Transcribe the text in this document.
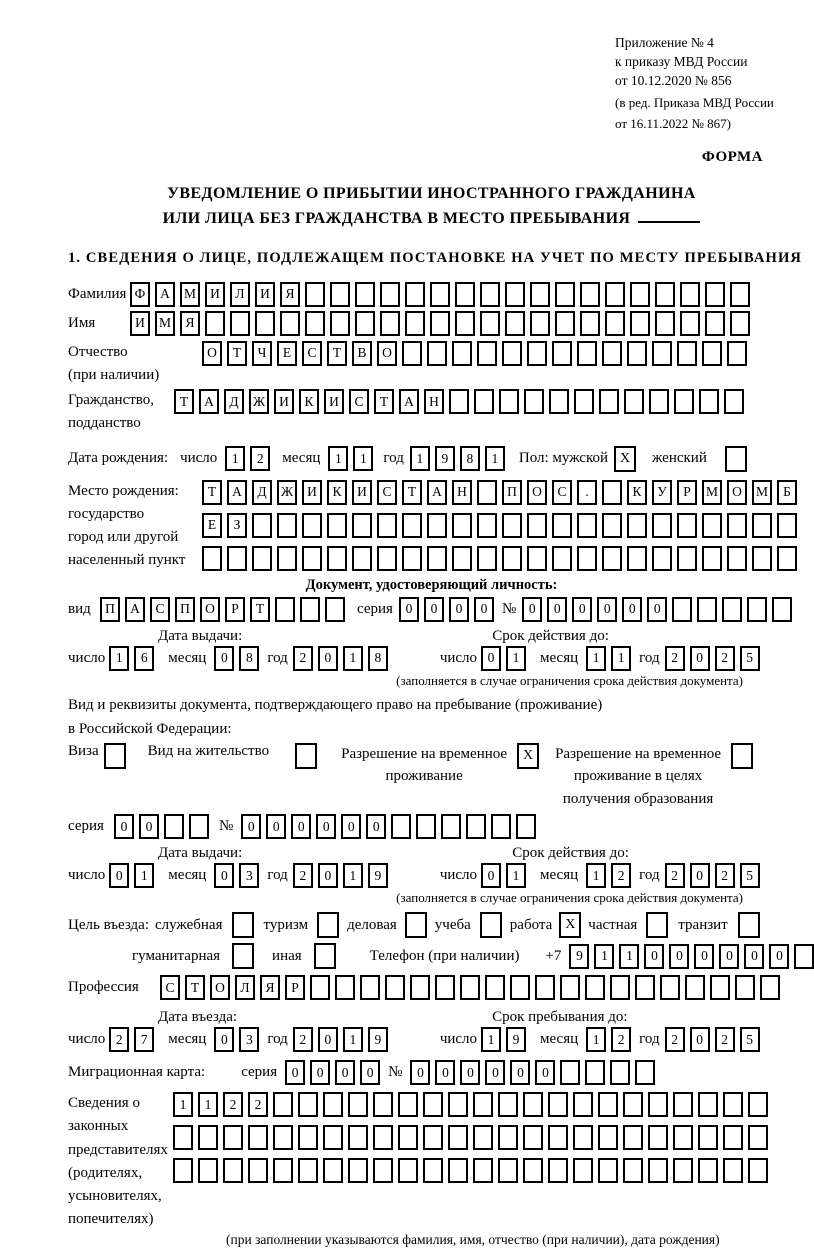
Приложение № 4
к приказу МВД России
от 10.12.2020 № 856
(в ред. Приказа МВД России
от 16.11.2022 № 867)
ФОРМА
УВЕДОМЛЕНИЕ О ПРИБЫТИИ ИНОСТРАННОГО ГРАЖДАНИНА
ИЛИ ЛИЦА БЕЗ ГРАЖДАНСТВА В МЕСТО ПРЕБЫВАНИЯ
1. СВЕДЕНИЯ О ЛИЦЕ, ПОДЛЕЖАЩЕМ ПОСТАНОВКЕ НА УЧЕТ ПО МЕСТУ ПРЕБЫВАНИЯ
Фамилия Ф	А	М	И	Л	И	Я
Имя	И	М	Я
Отчество
(при наличии)
О	Т	Ч	Е	С	Т	В	О
Гражданство,
подданство
Т	А	Д	Ж	И	К	И	С	Т	А	Н
Дата рождения: число	1	2	месяц	1	1	год 1	9	8	1	Пол: мужской X	женский
Место рождения:
государство
город или другой
населенный пункт
Т	А	Д	Ж	И	К	И	С	Т	А	Н	П	О	С	.	К	У	Р	М	О	М	Б
Е	З
Документ, удостоверяющий личность:
вид	П	А	С	П	О	Р	Т	серия 0	0	0	0 № 0	0	0	0	0	0
Дата выдачи:	Срок действия до:
число 1	6	месяц	0	8 год 2	0	1	8	число 0	1	месяц	1	1 год 2	0	2	5
(заполняется в случае ограничения срока действия документа)
Вид и реквизиты документа, подтверждающего право на пребывание (проживание)
в Российской Федерации:
Виза	Вид на жительство	Разрешение на временное
проживание
X	Разрешение на временное
проживание в целях
получения образования
серия	0	0	№	0	0	0	0	0	0
Дата выдачи:	Срок действия до:
число 0	1	месяц	0	3 год 2	0	1	9	число 0	1	месяц	1	2 год 2	0	2	5
(заполняется в случае ограничения срока действия документа)
Цель въезда: служебная	туризм	деловая	учеба	работа X частная	транзит
гуманитарная	иная	Телефон (при наличии) +7	9	1	1	0	0	0	0	0	0
Профессия	С	Т	О	Л	Я	Р
Дата въезда:	Срок пребывания до:
число 2	7	месяц	0	3 год 2	0	1	9	число 1	9	месяц	1	2 год 2	0	2	5
Миграционная карта: серия	0	0	0	0 №	0	0	0	0	0	0
Сведения о
законных
представителях
(родителях,
усыновителях,
попечителях)
1	1	2	2
(при заполнении указываются фамилия, имя, отчество (при наличии), дата рождения)
